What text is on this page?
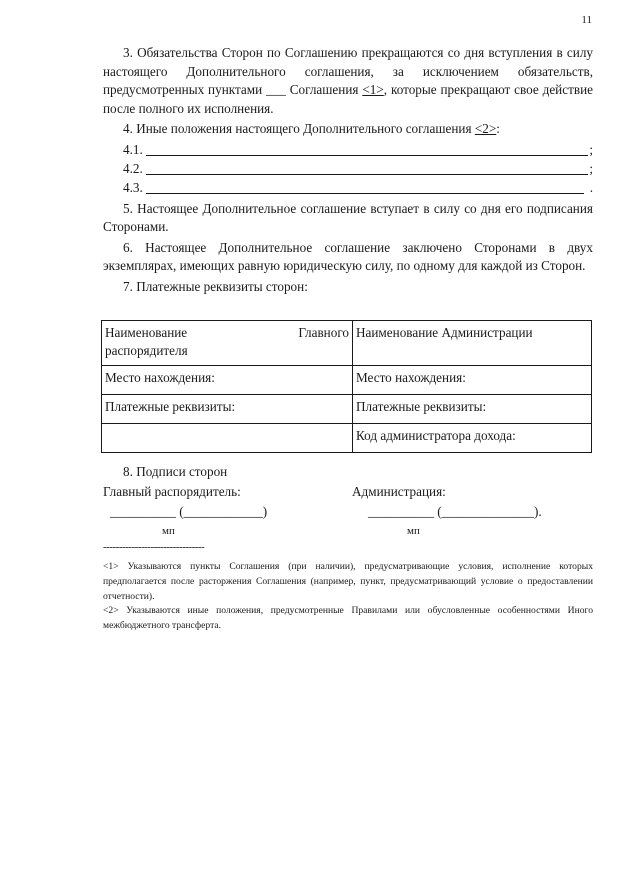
11

3. Обязательства Сторон по Соглашению прекращаются со дня вступления в силу настоящего Дополнительного соглашения, за исключением обязательств, предусмотренных пунктами ___ Соглашения <1>, которые прекращают свое действие после полного их исполнения.

4. Иные положения настоящего Дополнительного соглашения <2>:

4.1.	;
4.2.	;
4.3.	.

5. Настоящее Дополнительное соглашение вступает в силу со дня его подписания Сторонами.

6. Настоящее Дополнительное соглашение заключено Сторонами в двух экземплярах, имеющих равную юридическую силу, по одному для каждой из Сторон.

7. Платежные реквизиты сторон:

Наименование Главного
распорядителя	Наименование Администрации
Место нахождения:	Место нахождения:
Платежные реквизиты:	Платежные реквизиты:
	Код администратора дохода:
8. Подписи сторон
Главный распорядитель:	Администрация:
__________ (____________)	__________ (______________).
мп	мп
--------------------------------
<1> Указываются пункты Соглашения (при наличии), предусматривающие условия, исполнение которых предполагается после расторжения Соглашения (например, пункт, предусматривающий условие о предоставлении отчетности).
<2> Указываются иные положения, предусмотренные Правилами или обусловленные особенностями Иного межбюджетного трансферта.
